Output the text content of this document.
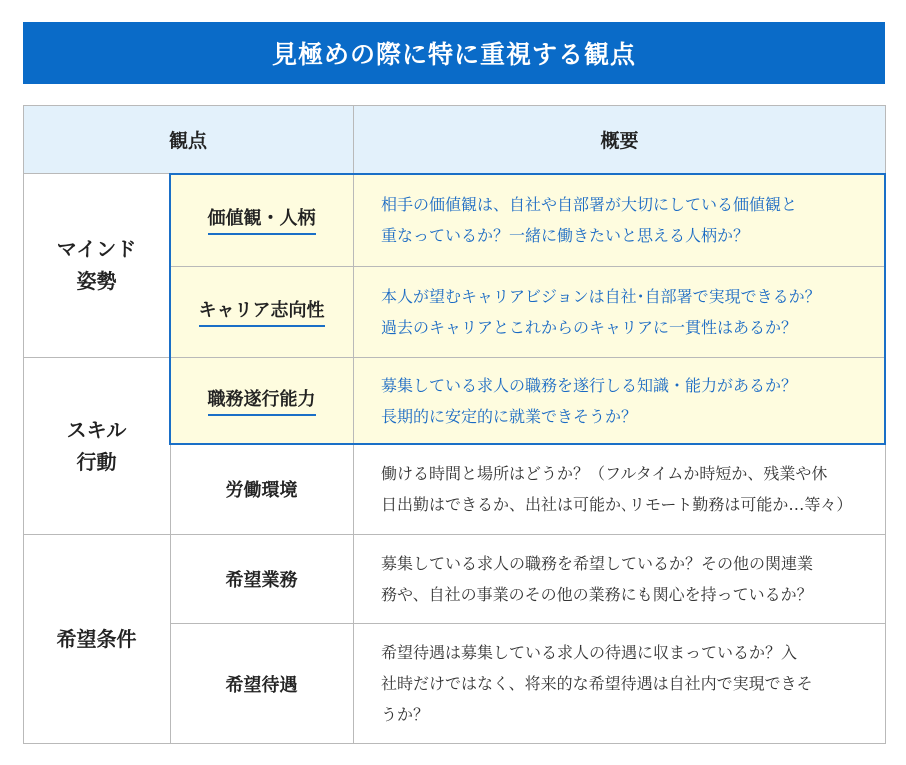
見極めの際に特に重視する観点
観点	概要
マインド
姿勢
スキル
行動
希望条件
価値観・人柄
相手の価値観は、自社や自部署が大切にしている価値観と
重なっているか？一緒に働きたいと思える人柄か？
キャリア志向性
本人が望むキャリアビジョンは自社･自部署で実現できるか？
過去のキャリアとこれからのキャリアに一貫性はあるか？
職務遂行能力
募集している求人の職務を遂行しる知識・能力があるか？
長期的に安定的に就業できそうか？
労働環境
働ける時間と場所はどうか？（フルタイムか時短か、残業や休
日出勤はできるか、出社は可能か､リモート勤務は可能か…等々）
希望業務
募集している求人の職務を希望しているか？その他の関連業
務や、自社の事業のその他の業務にも関心を持っているか？
希望待遇
希望待遇は募集している求人の待遇に収まっているか？入
社時だけではなく、将来的な希望待遇は自社内で実現できそ
うか？
